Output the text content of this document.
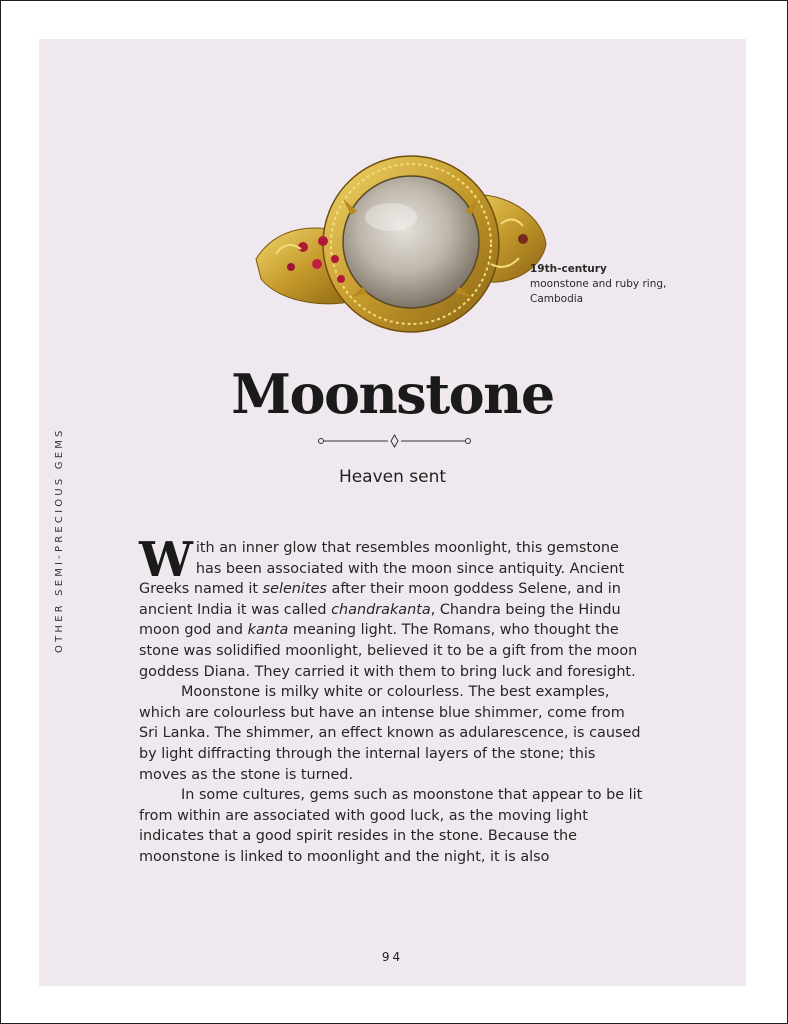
19th-century
moonstone and ruby ring, Cambodia
OTHER SEMI-PRECIOUS GEMS
Moonstone
Heaven sent

With an inner glow that resembles moonlight, this gemstone has been associated with the moon since antiquity. Ancient Greeks named it selenites after their moon goddess Selene, and in ancient India it was called chandrakanta, Chandra being the Hindu moon god and kanta meaning light. The Romans, who thought the stone was solidified moonlight, believed it to be a gift from the moon goddess Diana. They carried it with them to bring luck and foresight.

Moonstone is milky white or colourless. The best examples, which are colourless but have an intense blue shimmer, come from Sri Lanka. The shimmer, an effect known as adularescence, is caused by light diffracting through the internal layers of the stone; this moves as the stone is turned.

In some cultures, gems such as moonstone that appear to be lit from within are associated with good luck, as the moving light indicates that a good spirit resides in the stone. Because the moonstone is linked to moonlight and the night, it is also

94
